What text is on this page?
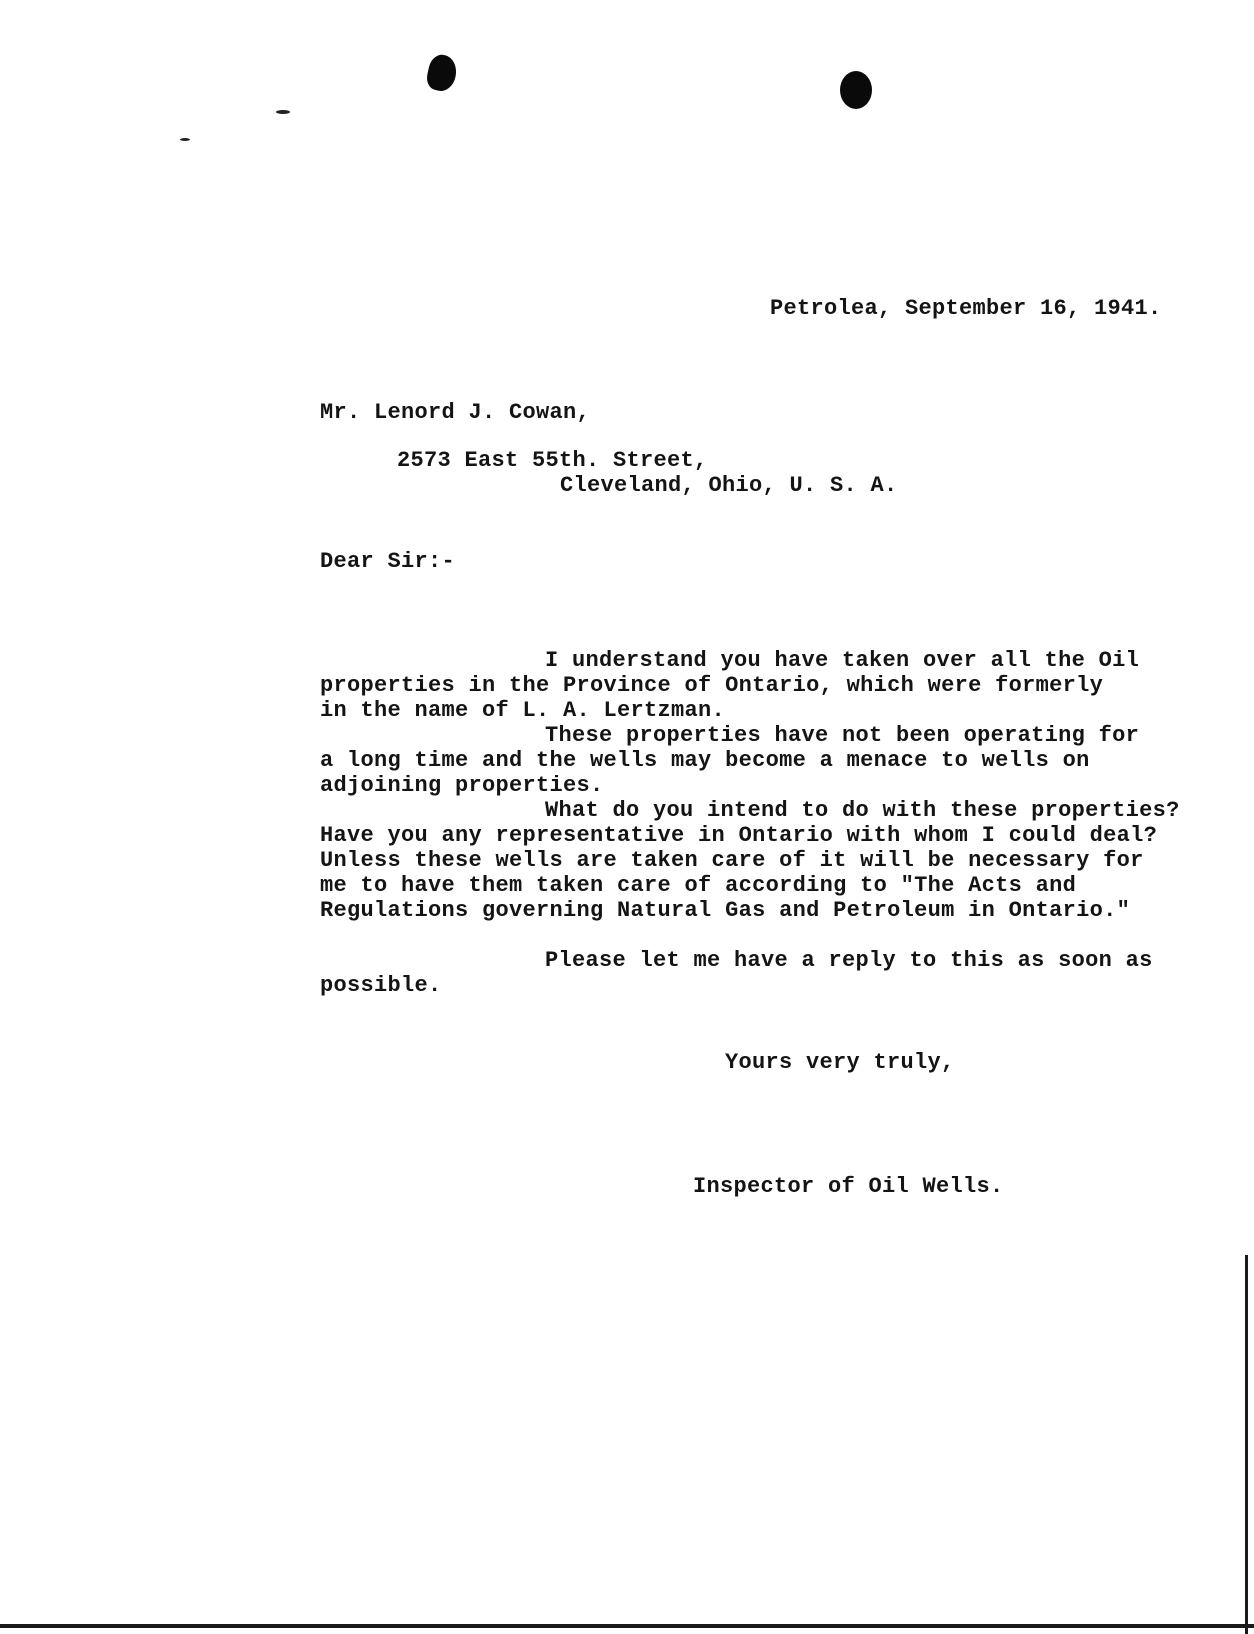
Petrolea, September 16, 1941.
Mr. Lenord J. Cowan,
2573 East 55th. Street,
Cleveland, Ohio, U. S. A.
Dear Sir:-
I understand you have taken over all the Oil
properties in the Province of Ontario, which were formerly
in the name of L. A. Lertzman.
These properties have not been operating for
a long time and the wells may become a menace to wells on
adjoining properties.
What do you intend to do with these properties?
Have you any representative in Ontario with whom I could deal?
Unless these wells are taken care of it will be necessary for
me to have them taken care of according to "The Acts and
Regulations governing Natural Gas and Petroleum in Ontario."
Please let me have a reply to this as soon as
possible.
Yours very truly,
Inspector of Oil Wells.
